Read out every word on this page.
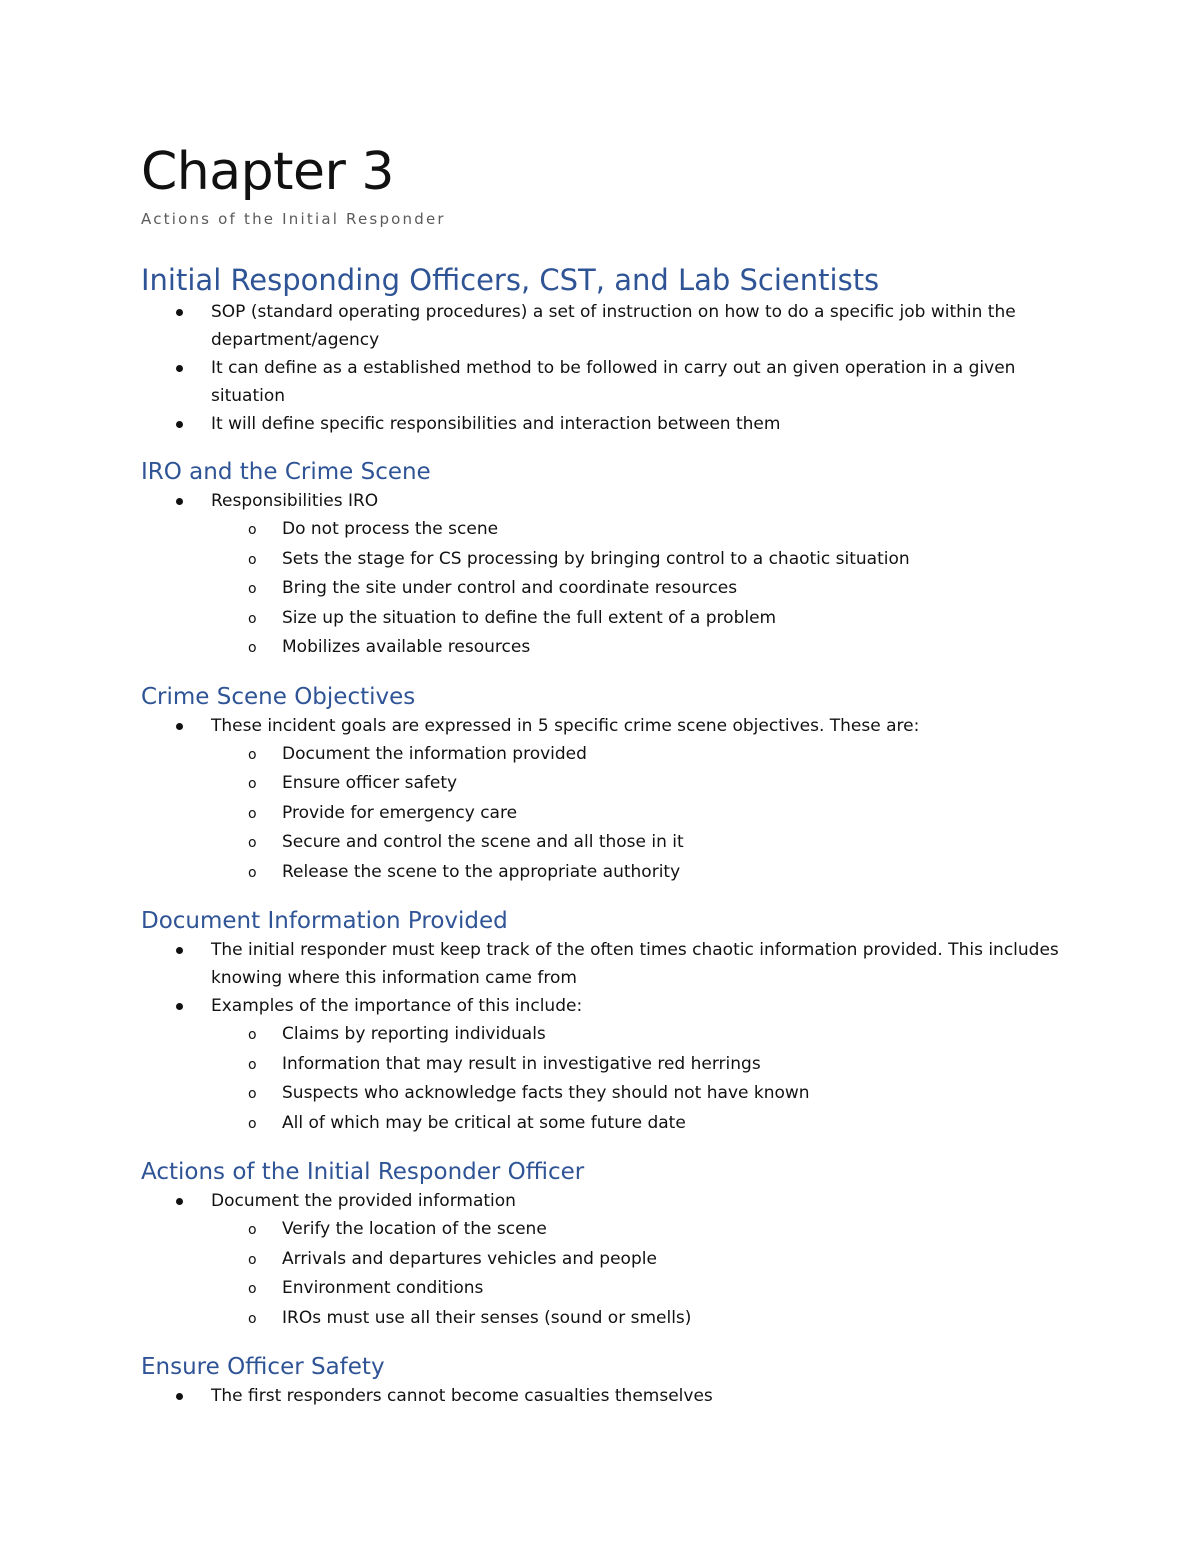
Chapter 3
Actions of the Initial Responder
Initial Responding Officers, CST, and Lab Scientists
SOP (standard operating procedures) a set of instruction on how to do a specific job within the department/agency
It can define as a established method to be followed in carry out an given operation in a given situation
It will define specific responsibilities and interaction between them
IRO and the Crime Scene
Responsibilities IRO
o Do not process the scene
o Sets the stage for CS processing by bringing control to a chaotic situation
o Bring the site under control and coordinate resources
o Size up the situation to define the full extent of a problem
o Mobilizes available resources
Crime Scene Objectives
These incident goals are expressed in 5 specific crime scene objectives. These are:
o Document the information provided
o Ensure officer safety
o Provide for emergency care
o Secure and control the scene and all those in it
o Release the scene to the appropriate authority
Document Information Provided
The initial responder must keep track of the often times chaotic information provided. This includes knowing where this information came from
Examples of the importance of this include:
o Claims by reporting individuals
o Information that may result in investigative red herrings
o Suspects who acknowledge facts they should not have known
o All of which may be critical at some future date
Actions of the Initial Responder Officer
Document the provided information
o Verify the location of the scene
o Arrivals and departures vehicles and people
o Environment conditions
o IROs must use all their senses (sound or smells)
Ensure Officer Safety
The first responders cannot become casualties themselves
